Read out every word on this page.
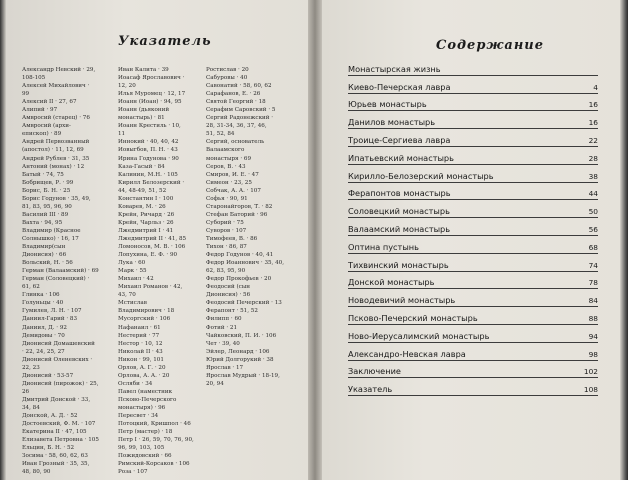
Указатель
Александр Невский · 29,
108-105
Алексей Михайлович ·
99
Алексий II · 27, 67
Алипий · 97
Амвросий (старец) · 76
Амвросий (архи-
епископ) · 89
Андрей Первозванный
(апостол) · 11, 12, 69
Андрей Рублев · 31, 35
Антоний (монах) · 12
Батый · 74, 75
Бобрищев, Р. · 99
Борис, Б. Н. · 25
Борис Годунов · 35, 49,
81, 83, 95, 96, 90
Василий III · 89
Вахта · 94, 95
Владимир (Красное
Солнышко) · 16, 17
Владимир(сын
Дионисия) · 66
Вольский, Н. · 56
Герман (Валаамский) · 69
Герман (Соловецкий) ·
61, 62
Глинка · 106
Голуньцы · 40
Гумилев, Л. Н. · 107
Даниил-Гарий · 83
Даниил, Д. · 92
Демидовы · 70
Дионисий Домашевский
· 22, 24, 25, 27
Дионисий Оленевских ·
22, 23
Дионисий · 53-57
Дионисий (пирожок) · 25,
26
Дмитрий Донской · 33,
34, 84
Донской, А. Д. · 52
Достоевский, Ф. М. · 107
Екатерина II · 47, 105
Елизавета Петровна · 105
Ельцин, Б. Н. · 52
Зосима · 58, 60, 62, 63
Иван Грозный · 35, 35,
48, 80, 90
Иван Калита · 39
Иоасаф Ярославович ·
12, 20
Илья Муромец · 12, 17
Иоанн (Иоан) · 94, 95
Иоанн (дьяконий
монастырь) · 81
Иоанн Крестиль · 10,
11
Иннокий · 40, 40, 42
Иовыгбов, П. Н. · 43
Ирина Годунова · 90
Каза-Гасый · 84
Калинин, М.Н. · 105
Кирилл Белозерский ·
44, 48-49, 51, 52
Константин I · 100
Коварев, М. · 26
Крейн, Ричард · 26
Крейн, Чарльз · 26
Лжедмитрий I · 41
Лжедмитрий II · 41, 85
Ломоносов, М. В. · 106
Лопухина, Е. Ф. · 90
Лука · 60
Марк · 55
Михаил · 42
Михаил Романов · 42,
43, 70
Мстислав
Владимирович · 18
Мусоргский · 106
Нафанаил · 61
Нестерий · 77
Нестор · 10, 12
Николай II · 43
Никон · 99, 101
Орлов, А. Г. · 20
Орлова, А. А. · 20
Осляби · 34
Павел (наместник
Псково-Печерского
монастыря) · 96
Пересвет · 34
Потоцкий, Кришпол · 46
Петр (мастер) · 18
Петр I · 26, 59, 70, 76, 90,
96, 99, 103, 105
Пожидовский · 66
Римский-Корсаков · 106
Роза · 107
Ростислав · 20
Сабуровы · 40
Савонатий · 58, 60, 62
Сарафанов, Е. · 26
Святой Георгий · 18
Серафим Саровский · 5
Сергий Радонежский ·
28, 31-34, 36, 37, 46,
51, 52, 84
Сергий, основатель
Валаамского
монастыря · 69
Серов, В. · 43
Смиров, И. Е. · 47
Симеон · 23, 25
Собчак, А. А. · 107
Софья · 90, 91
Старонайгоров, Т. · 82
Стефан Баторий · 96
Суборий · 75
Суворов · 107
Тимофеев, В. · 86
Тихон · 86, 87
Федор Годунов · 40, 41
Федор Иоаннович · 35, 40,
62, 83, 95, 90
Федор Прокофьев · 20
Феодосий (сын
Дионисия) · 56
Феодосий Печерский · 13
Ферапонт · 51, 52
Филипп · 60
Фотий · 21
Чайковский, П. И. · 106
Чет · 39, 40
Эйлер, Леонард · 106
Юрий Долгорукий · 38
Ярослав · 17
Ярослав Мудрый · 18-19,
20, 94
Содержание
Монастырская жизнь
Киево-Печерская лавра	4
Юрьев монастырь	16
Данилов монастырь	16
Троице-Сергиева лавра	22
Ипатьевский монастырь	28
Кирилло-Белозерский монастырь	38
Ферапонтов монастырь	44
Соловецкий монастырь	50
Валаамский монастырь	56
Оптина пустынь	68
Тихвинский монастырь	74
Донской монастырь	78
Новодевичий монастырь	84
Псково-Печерский монастырь	88
Ново-Иерусалимский монастырь	94
Александро-Невская лавра	98
Заключение	102
Указатель	108
